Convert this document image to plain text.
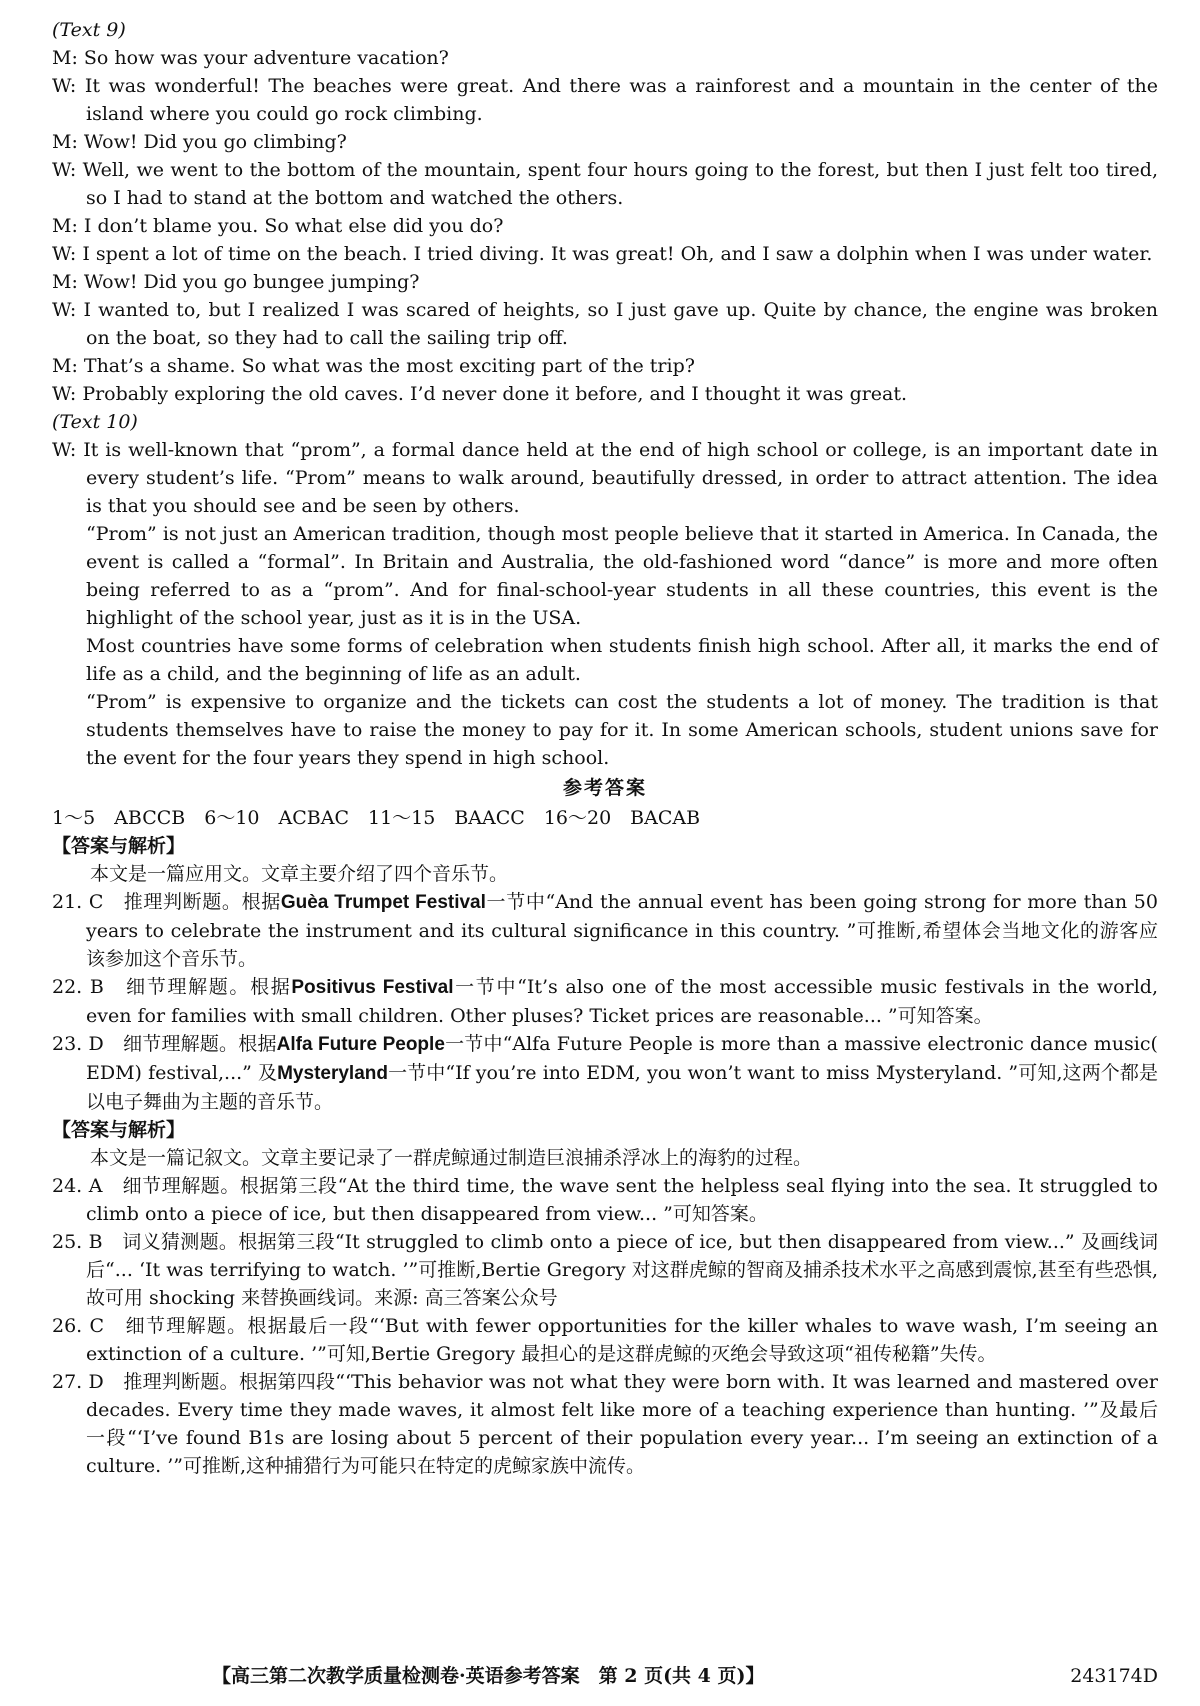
(Text 9)
M: So how was your adventure vacation?
W: It was wonderful! The beaches were great. And there was a rainforest and a mountain in the center of the island where you could go rock climbing.
M: Wow! Did you go climbing?
W: Well, we went to the bottom of the mountain, spent four hours going to the forest, but then I just felt too tired, so I had to stand at the bottom and watched the others.
M: I don’t blame you. So what else did you do?
W: I spent a lot of time on the beach. I tried diving. It was great! Oh, and I saw a dolphin when I was under water.
M: Wow! Did you go bungee jumping?
W: I wanted to, but I realized I was scared of heights, so I just gave up. Quite by chance, the engine was broken on the boat, so they had to call the sailing trip off.
M: That’s a shame. So what was the most exciting part of the trip?
W: Probably exploring the old caves. I’d never done it before, and I thought it was great.
(Text 10)
W: It is well-known that “prom”, a formal dance held at the end of high school or college, is an important date in every student’s life. “Prom” means to walk around, beautifully dressed, in order to attract attention. The idea is that you should see and be seen by others.
“Prom” is not just an American tradition, though most people believe that it started in America. In Canada, the event is called a “formal”. In Britain and Australia, the old-fashioned word “dance” is more and more often being referred to as a “prom”. And for final-school-year students in all these countries, this event is the highlight of the school year, just as it is in the USA.
Most countries have some forms of celebration when students finish high school. After all, it marks the end of life as a child, and the beginning of life as an adult.
“Prom” is expensive to organize and the tickets can cost the students a lot of money. The tradition is that students themselves have to raise the money to pay for it. In some American schools, student unions save for the event for the four years they spend in high school.
参考答案
1～5　ABCCB　6～10　ACBAC　11～15　BAACC　16～20　BACAB
【答案与解析】
本文是一篇应用文。文章主要介绍了四个音乐节。
21. C　 推理判断题。根据Guèa Trumpet Festival一节中“And the annual event has been going strong for more than 50 years to celebrate the instrument and its cultural significance in this country. ”可推断,希望体会当地文化的游客应该参加这个音乐节。
22. B　 细节理解题。根据Positivus Festival一节中“It’s also one of the most accessible music festivals in the world, even for families with small children. Other pluses? Ticket prices are reasonable... ”可知答案。
23. D　 细节理解题。根据Alfa Future People一节中“Alfa Future People is more than a massive electronic dance music( EDM) festival,...” 及Mysteryland一节中“If you’re into EDM, you won’t want to miss Mysteryland. ”可知,这两个都是以电子舞曲为主题的音乐节。
【答案与解析】
本文是一篇记叙文。文章主要记录了一群虎鲸通过制造巨浪捕杀浮冰上的海豹的过程。
24. A　 细节理解题。根据第三段“At the third time, the wave sent the helpless seal flying into the sea. It struggled to climb onto a piece of ice, but then disappeared from view... ”可知答案。
25. B　 词义猜测题。根据第三段“It struggled to climb onto a piece of ice, but then disappeared from view...” 及画线词后“... ‘It was terrifying to watch. ’”可推断,Bertie Gregory 对这群虎鲸的智商及捕杀技术水平之高感到震惊,甚至有些恐惧,故可用 shocking 来替换画线词。来源: 高三答案公众号
26. C　 细节理解题。根据最后一段“‘But with fewer opportunities for the killer whales to wave wash, I’m seeing an extinction of a culture. ’”可知,Bertie Gregory 最担心的是这群虎鲸的灭绝会导致这项“祖传秘籍”失传。
27. D　 推理判断题。根据第四段“‘This behavior was not what they were born with. It was learned and mastered over decades. Every time they made waves, it almost felt like more of a teaching experience than hunting. ’”及最后一段“‘I’ve found B1s are losing about 5 percent of their population every year... I’m seeing an extinction of a culture. ’”可推断,这种捕猎行为可能只在特定的虎鲸家族中流传。
【高三第二次教学质量检测卷·英语参考答案　第 2 页(共 4 页)】	243174D
